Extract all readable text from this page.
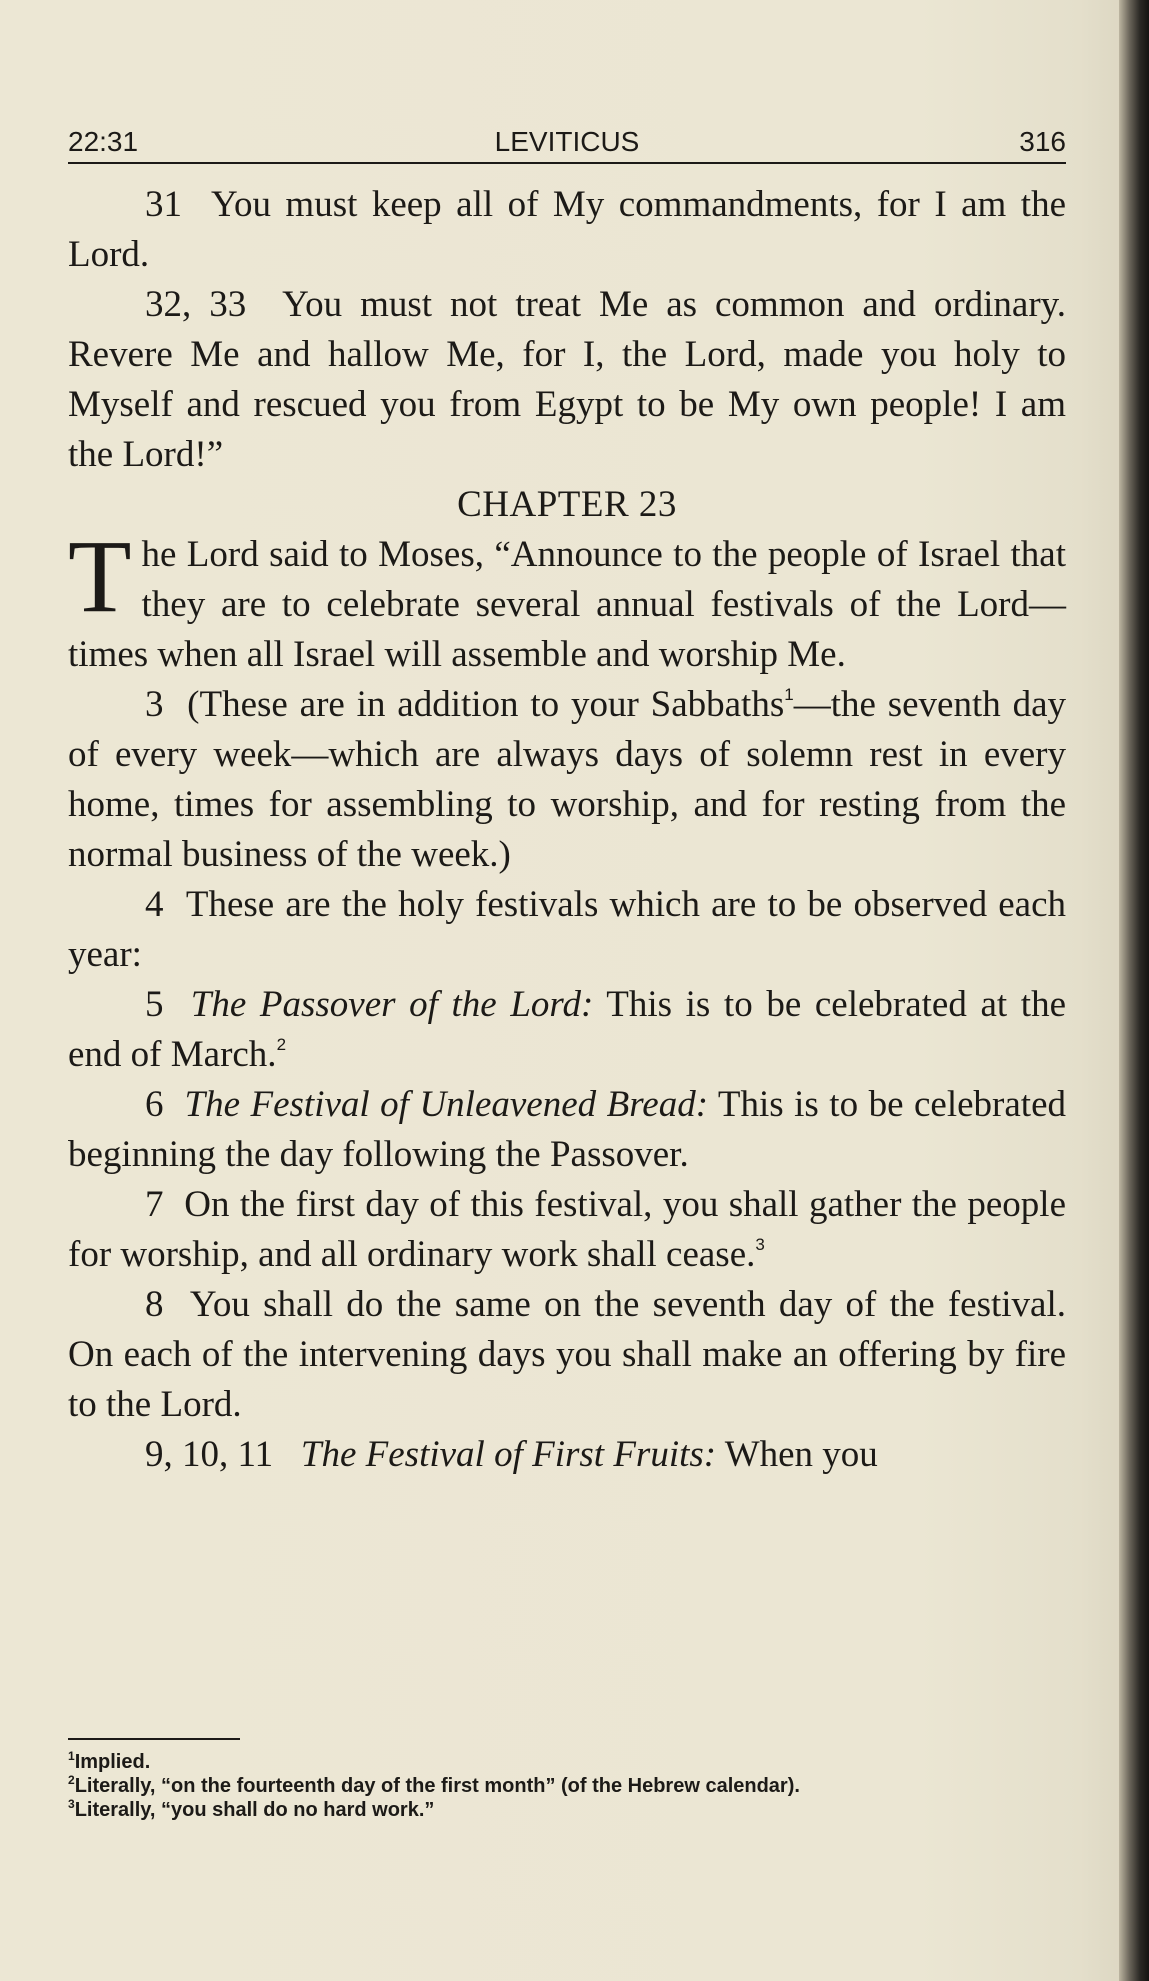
22:31	LEVITICUS	316

31 You must keep all of My commandments, for I am the Lord.

32, 33 You must not treat Me as common and ordinary. Revere Me and hallow Me, for I, the Lord, made you holy to Myself and rescued you from Egypt to be My own people! I am the Lord!”

CHAPTER 23

The Lord said to Moses, “Announce to the people of Israel that they are to celebrate several annual festivals of the Lord—times when all Israel will assemble and worship Me.

3 (These are in addition to your Sabbaths$^1$—the seventh day of every week—which are always days of solemn rest in every home, times for assembling to worship, and for resting from the normal business of the week.)

4 These are the holy festivals which are to be observed each year:

5 The Passover of the Lord: This is to be celebrated at the end of March.$^2$

6 The Festival of Unleavened Bread: This is to be celebrated beginning the day following the Passover.

7 On the first day of this festival, you shall gather the people for worship, and all ordinary work shall cease.$^3$

8 You shall do the same on the seventh day of the festival. On each of the intervening days you shall make an offering by fire to the Lord.

9, 10, 11 The Festival of First Fruits: When you

$^1$Implied.

$^2$Literally, “on the fourteenth day of the first month” (of the Hebrew calendar).

$^3$Literally, “you shall do no hard work.”
